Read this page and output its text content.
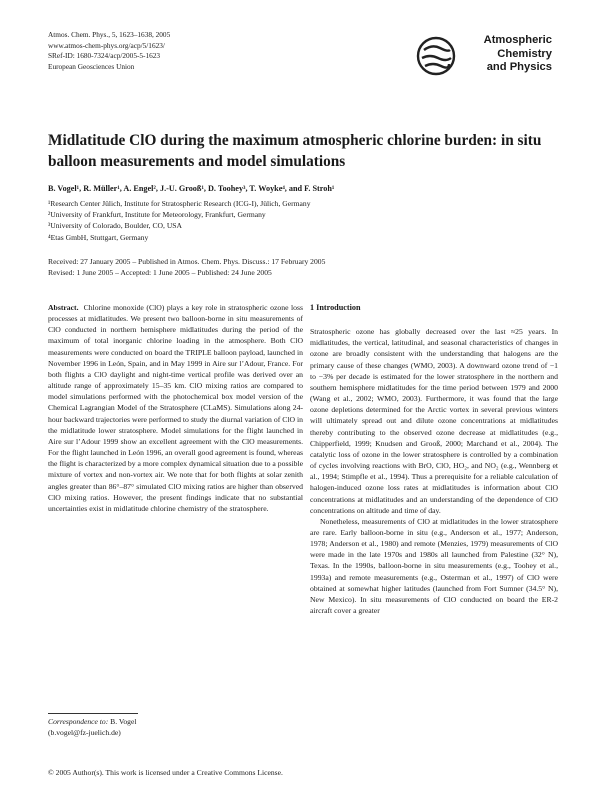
Atmos. Chem. Phys., 5, 1623–1638, 2005
www.atmos-chem-phys.org/acp/5/1623/
SRef-ID: 1680-7324/acp/2005-5-1623
European Geosciences Union
Atmospheric
Chemistry
and Physics
Midlatitude ClO during the maximum atmospheric chlorine burden: in situ balloon measurements and model simulations
B. Vogel¹, R. Müller¹, A. Engel², J.-U. Grooß¹, D. Toohey³, T. Woyke⁴, and F. Stroh¹
¹Research Center Jülich, Institute for Stratospheric Research (ICG-I), Jülich, Germany
²University of Frankfurt, Institute for Meteorology, Frankfurt, Germany
³University of Colorado, Boulder, CO, USA
⁴Etas GmbH, Stuttgart, Germany
Received: 27 January 2005 – Published in Atmos. Chem. Phys. Discuss.: 17 February 2005
Revised: 1 June 2005 – Accepted: 1 June 2005 – Published: 24 June 2005

Abstract. Chlorine monoxide (ClO) plays a key role in stratospheric ozone loss processes at midlatitudes. We present two balloon-borne in situ measurements of ClO conducted in northern hemisphere midlatitudes during the period of the maximum of total inorganic chlorine loading in the atmosphere. Both ClO measurements were conducted on board the TRIPLE balloon payload, launched in November 1996 in León, Spain, and in May 1999 in Aire sur l’Adour, France. For both flights a ClO daylight and night-time vertical profile was derived over an altitude range of approximately 15–35 km. ClO mixing ratios are compared to model simulations performed with the photochemical box model version of the Chemical Lagrangian Model of the Stratosphere (CLaMS). Simulations along 24-hour backward trajectories were performed to study the diurnal variation of ClO in the midlatitude lower stratosphere. Model simulations for the flight launched in Aire sur l’Adour 1999 show an excellent agreement with the ClO measurements. For the flight launched in León 1996, an overall good agreement is found, whereas the flight is characterized by a more complex dynamical situation due to a possible mixture of vortex and non-vortex air. We note that for both flights at solar zenith angles greater than 86°–87° simulated ClO mixing ratios are higher than observed ClO mixing ratios. However, the present findings indicate that no substantial uncertainties exist in midlatitude chlorine chemistry of the stratosphere.

1 Introduction

Stratospheric ozone has globally decreased over the last ≈25 years. In midlatitudes, the vertical, latitudinal, and seasonal characteristics of changes in ozone are broadly consistent with the understanding that halogens are the primary cause of these changes (WMO, 2003). A downward ozone trend of −1 to −3% per decade is estimated for the lower stratosphere in the northern and southern hemisphere midlatitudes for the time period between 1979 and 2000 (Wang et al., 2002; WMO, 2003). Furthermore, it was found that the large ozone depletions determined for the Arctic vortex in several previous winters will ultimately spread out and dilute ozone concentrations at midlatitudes thereby contributing to the observed ozone decrease at midlatitudes (e.g., Chipperfield, 1999; Knudsen and Grooß, 2000; Marchand et al., 2004). The catalytic loss of ozone in the lower stratosphere is controlled by a combination of cycles involving reactions with BrO, ClO, HO₂, and NO₂ (e.g., Wennberg et al., 1994; Stimpfle et al., 1994). Thus a prerequisite for a reliable calculation of halogen-induced ozone loss rates at midlatitudes is information about ClO concentrations at midlatitudes and an understanding of the dependence of ClO concentrations on altitude and time of day.

Nonetheless, measurements of ClO at midlatitudes in the lower stratosphere are rare. Early balloon-borne in situ (e.g., Anderson et al., 1977; Anderson, 1978; Anderson et al., 1980) and remote (Menzies, 1979) measurements of ClO were made in the late 1970s and 1980s all launched from Palestine (32° N), Texas. In the 1990s, balloon-borne in situ measurements (e.g., Toohey et al., 1993a) and remote measurements (e.g., Osterman et al., 1997) of ClO were obtained at somewhat higher latitudes (launched from Fort Sumner (34.5° N), New Mexico). In situ measurements of ClO conducted on board the ER-2 aircraft cover a greater

Correspondence to: B. Vogel
(b.vogel@fz-juelich.de)
© 2005 Author(s). This work is licensed under a Creative Commons License.
